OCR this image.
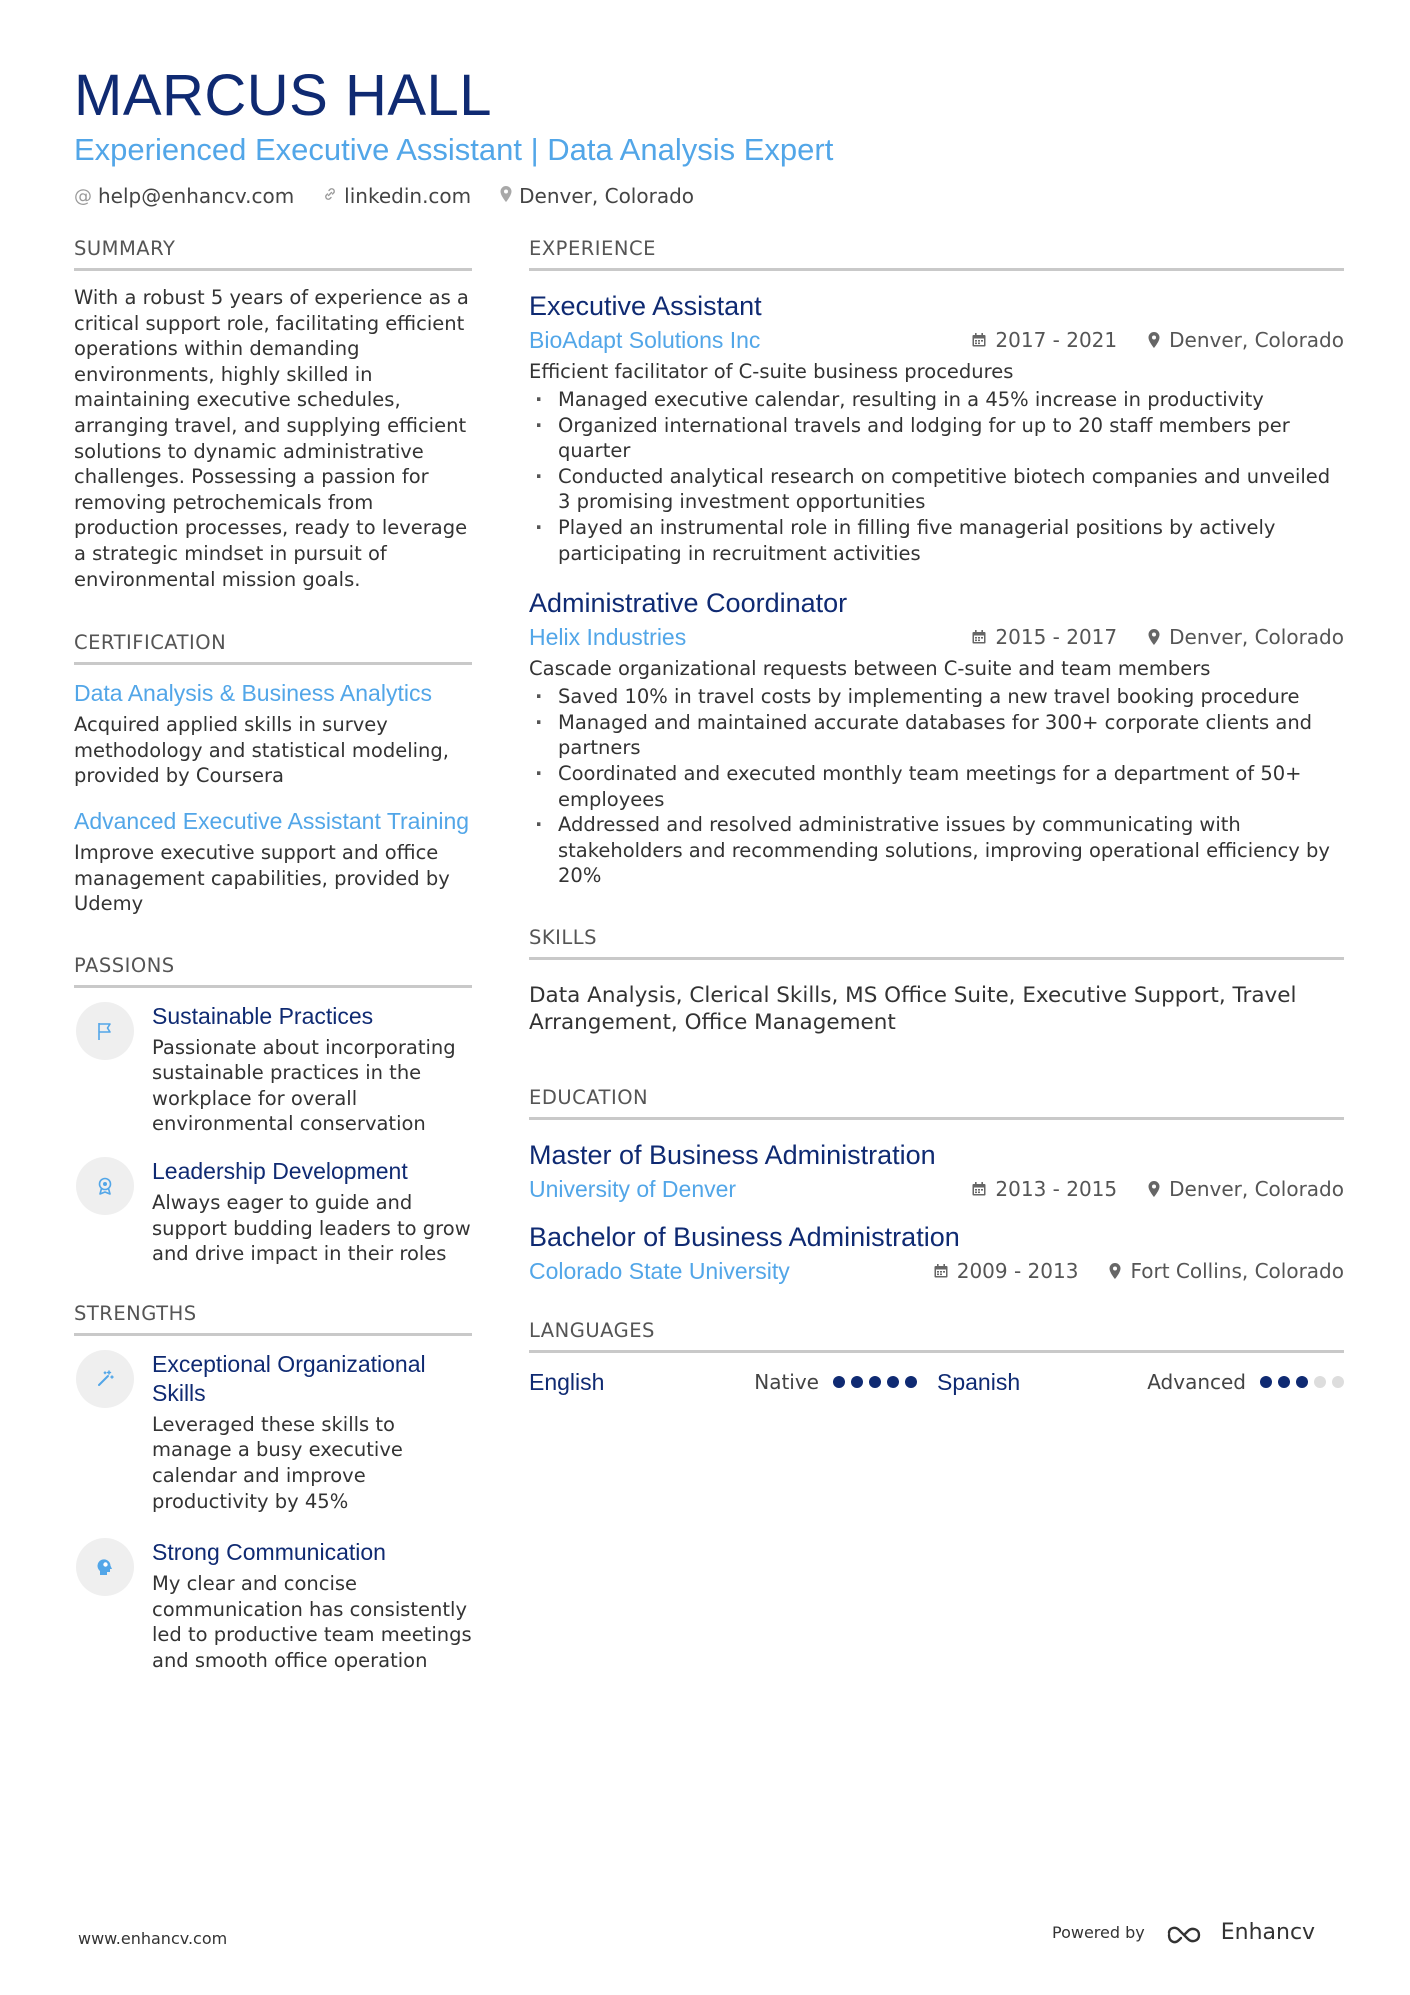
MARCUS HALL
Experienced Executive Assistant | Data Analysis Expert
@ help@enhancv.com	linkedin.com Denver, Colorado
SUMMARY
With a robust 5 years of experience as a critical support role, facilitating efficient operations within demanding environments, highly skilled in maintaining executive schedules, arranging travel, and supplying efficient solutions to dynamic administrative challenges. Possessing a passion for removing petrochemicals from production processes, ready to leverage a strategic mindset in pursuit of environmental mission goals.
CERTIFICATION
Data Analysis & Business Analytics
Acquired applied skills in survey methodology and statistical modeling, provided by Coursera
Advanced Executive Assistant Training
Improve executive support and office management capabilities, provided by Udemy
PASSIONS
Sustainable Practices
Passionate about incorporating sustainable practices in the workplace for overall environmental conservation
Leadership Development
Always eager to guide and support budding leaders to grow and drive impact in their roles
STRENGTHS
Exceptional Organizational Skills
Leveraged these skills to manage a busy executive calendar and improve productivity by 45%
Strong Communication
My clear and concise communication has consistently led to productive team meetings and smooth office operation
EXPERIENCE
Executive Assistant
BioAdapt Solutions Inc	2017 - 2021	Denver, Colorado
Efficient facilitator of C-suite business procedures
· Managed executive calendar, resulting in a 45% increase in productivity
· Organized international travels and lodging for up to 20 staff members per quarter
· Conducted analytical research on competitive biotech companies and unveiled 3 promising investment opportunities
· Played an instrumental role in filling five managerial positions by actively participating in recruitment activities
Administrative Coordinator
Helix Industries	2015 - 2017	Denver, Colorado
Cascade organizational requests between C-suite and team members
· Saved 10% in travel costs by implementing a new travel booking procedure
· Managed and maintained accurate databases for 300+ corporate clients and partners
· Coordinated and executed monthly team meetings for a department of 50+ employees
· Addressed and resolved administrative issues by communicating with stakeholders and recommending solutions, improving operational efficiency by 20%
SKILLS
Data Analysis, Clerical Skills, MS Office Suite, Executive Support, Travel Arrangement, Office Management
EDUCATION
Master of Business Administration
University of Denver	2013 - 2015	Denver, Colorado
Bachelor of Business Administration
Colorado State University	2009 - 2013	Fort Collins, Colorado
LANGUAGES
English	Native	Spanish	Advanced
www.enhancv.com	Powered by	Enhancv
